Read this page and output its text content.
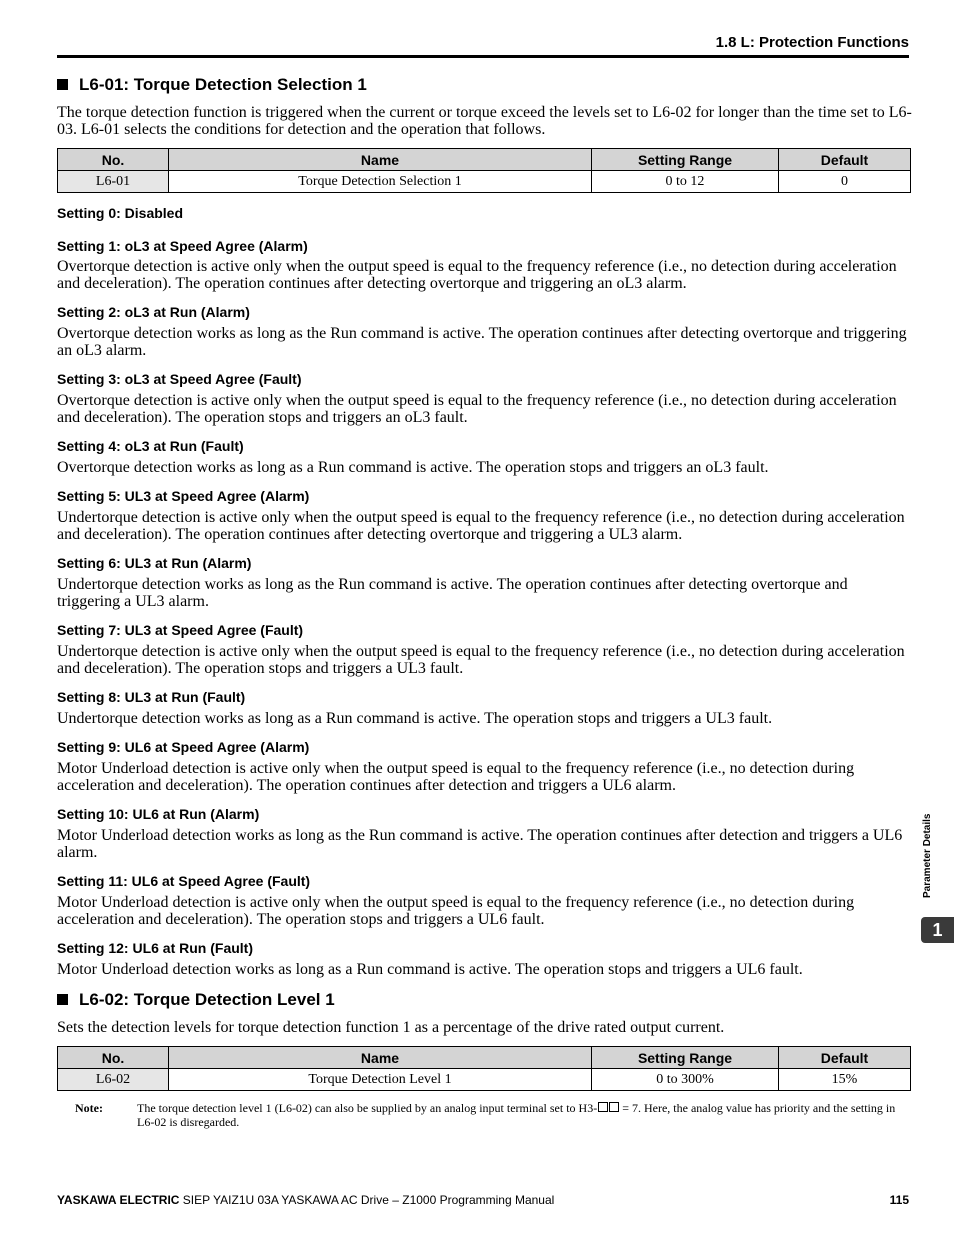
1.8 L: Protection Functions
L6-01: Torque Detection Selection 1
The torque detection function is triggered when the current or torque exceed the levels set to L6-02 for longer than the time set to L6-03. L6-01 selects the conditions for detection and the operation that follows.
No.	Name	Setting Range	Default
L6-01	Torque Detection Selection 1	0 to 12	0
Setting 0: Disabled
Setting 1: oL3 at Speed Agree (Alarm)
Overtorque detection is active only when the output speed is equal to the frequency reference (i.e., no detection during acceleration and deceleration). The operation continues after detecting overtorque and triggering an oL3 alarm.
Setting 2: oL3 at Run (Alarm)
Overtorque detection works as long as the Run command is active. The operation continues after detecting overtorque and triggering an oL3 alarm.
Setting 3: oL3 at Speed Agree (Fault)
Overtorque detection is active only when the output speed is equal to the frequency reference (i.e., no detection during acceleration and deceleration). The operation stops and triggers an oL3 fault.
Setting 4: oL3 at Run (Fault)
Overtorque detection works as long as a Run command is active. The operation stops and triggers an oL3 fault.
Setting 5: UL3 at Speed Agree (Alarm)
Undertorque detection is active only when the output speed is equal to the frequency reference (i.e., no detection during acceleration and deceleration). The operation continues after detecting overtorque and triggering a UL3 alarm.
Setting 6: UL3 at Run (Alarm)
Undertorque detection works as long as the Run command is active. The operation continues after detecting overtorque and triggering a UL3 alarm.
Setting 7: UL3 at Speed Agree (Fault)
Undertorque detection is active only when the output speed is equal to the frequency reference (i.e., no detection during acceleration and deceleration). The operation stops and triggers a UL3 fault.
Setting 8: UL3 at Run (Fault)
Undertorque detection works as long as a Run command is active. The operation stops and triggers a UL3 fault.
Setting 9: UL6 at Speed Agree (Alarm)
Motor Underload detection is active only when the output speed is equal to the frequency reference (i.e., no detection during acceleration and deceleration). The operation continues after detection and triggers a UL6 alarm.
Setting 10: UL6 at Run (Alarm)
Motor Underload detection works as long as the Run command is active. The operation continues after detection and triggers a UL6 alarm.
Setting 11: UL6 at Speed Agree (Fault)
Motor Underload detection is active only when the output speed is equal to the frequency reference (i.e., no detection during acceleration and deceleration). The operation stops and triggers a UL6 fault.
Setting 12: UL6 at Run (Fault)
Motor Underload detection works as long as a Run command is active. The operation stops and triggers a UL6 fault.
L6-02: Torque Detection Level 1
Sets the detection levels for torque detection function 1 as a percentage of the drive rated output current.
No.	Name	Setting Range	Default
L6-02	Torque Detection Level 1	0 to 300%	15%
Note:	The torque detection level 1 (L6-02) can also be supplied by an analog input terminal set to H3- = 7. Here, the analog value has priority and the setting in L6-02 is disregarded.
Parameter Details
1
YASKAWA ELECTRIC SIEP YAIZ1U 03A YASKAWA AC Drive – Z1000 Programming Manual	115
